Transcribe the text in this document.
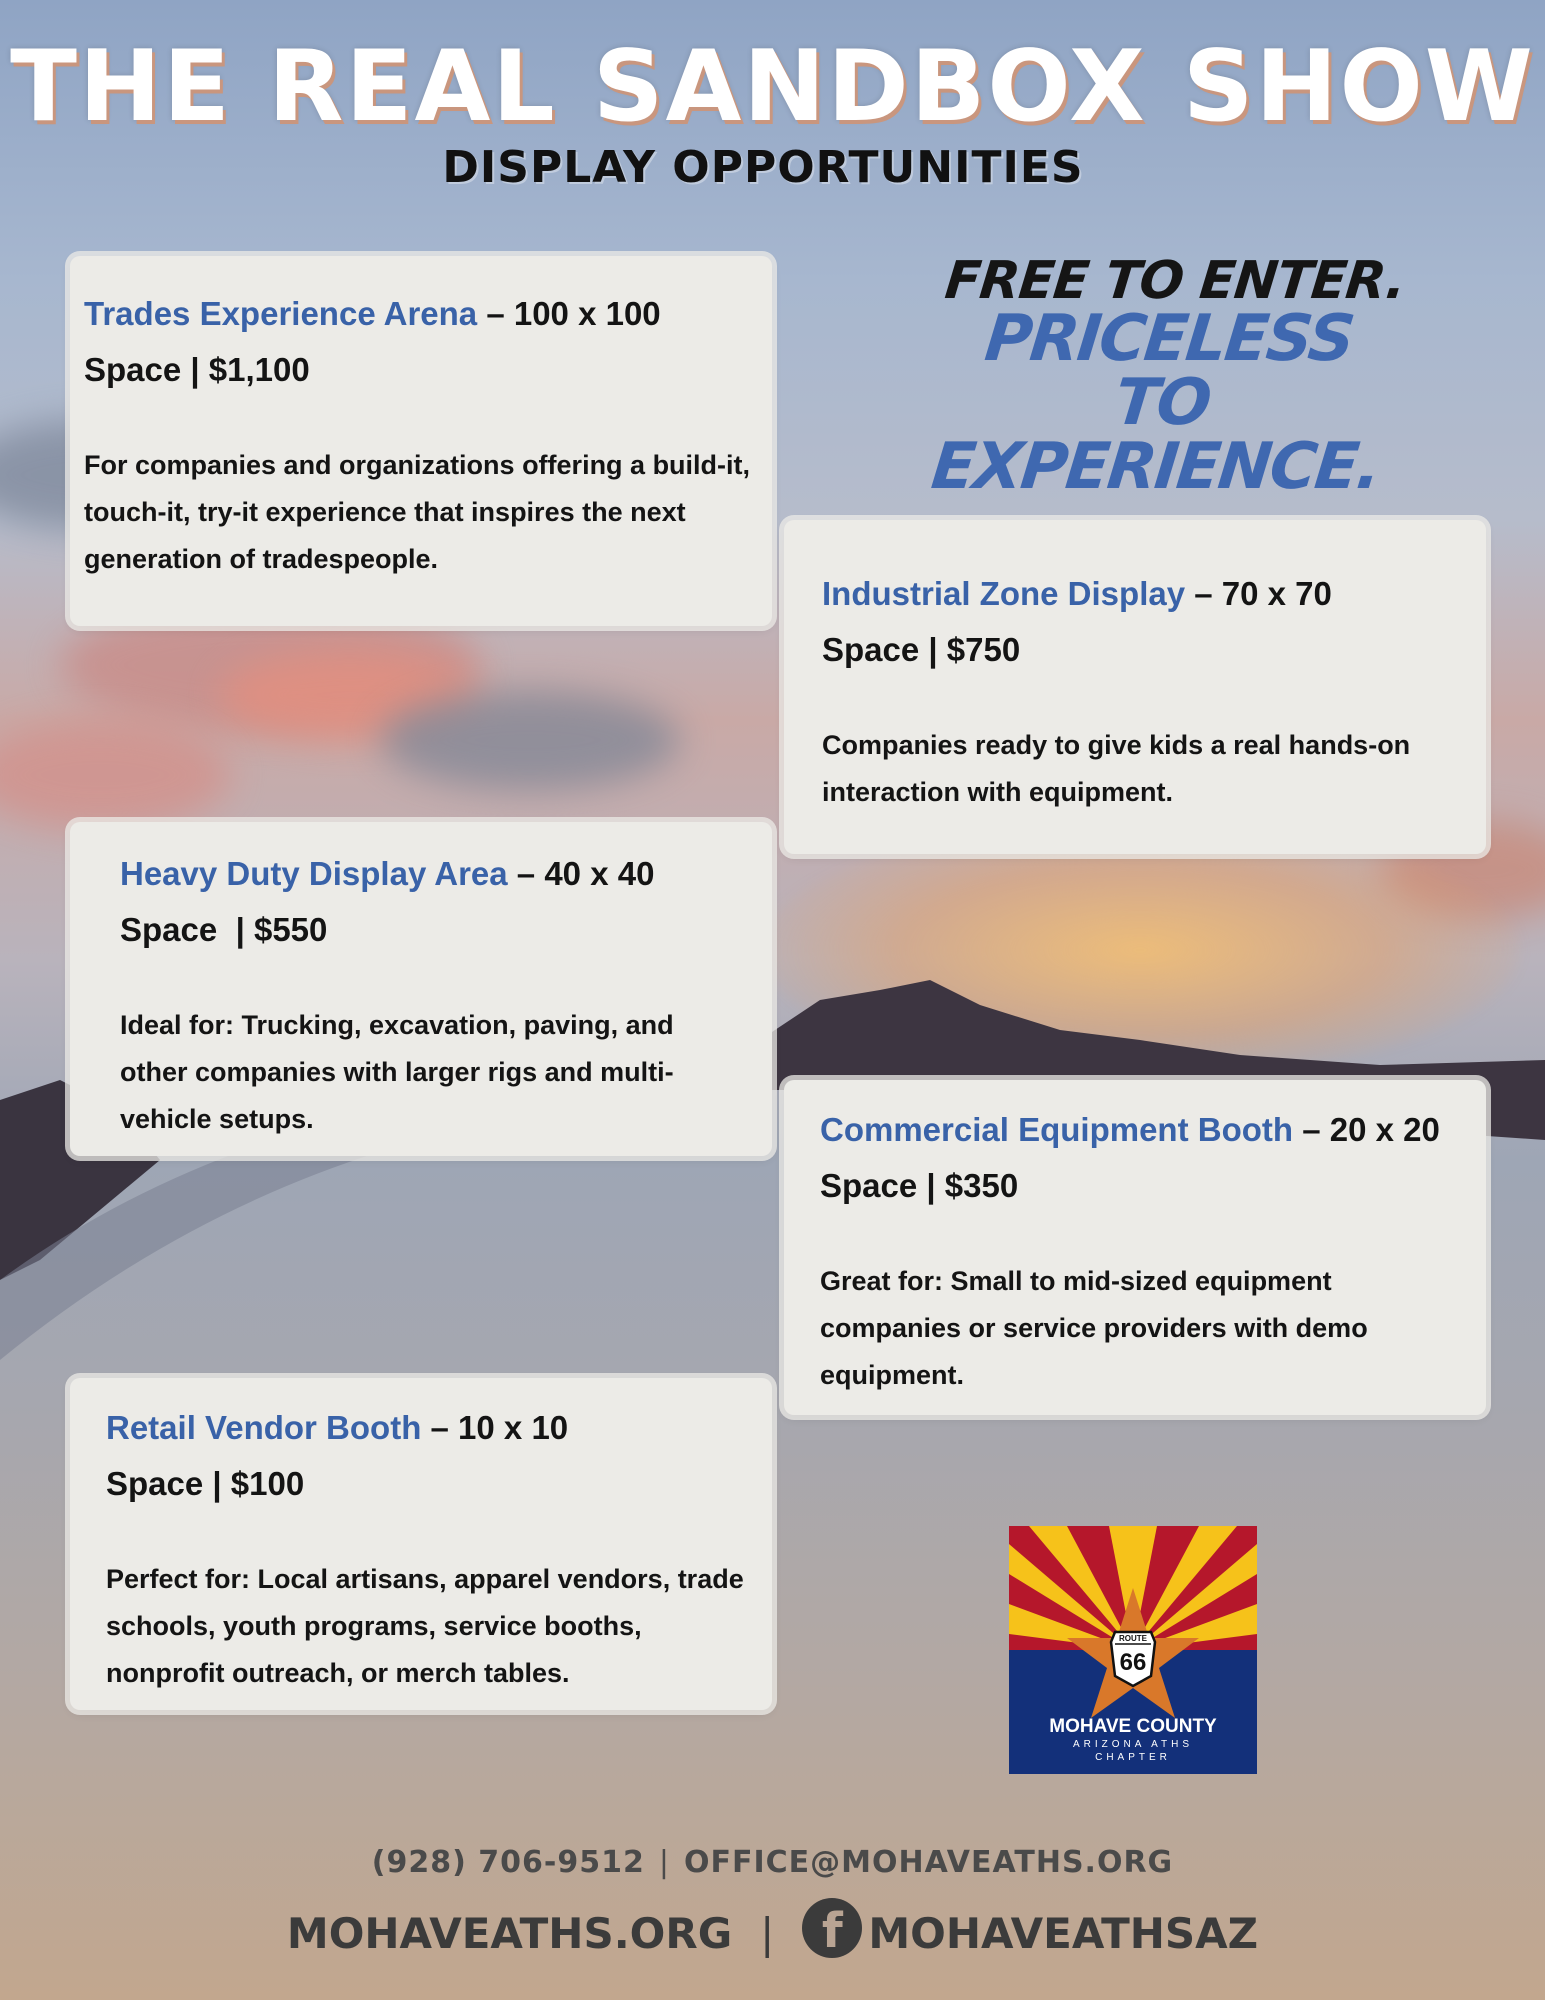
THE REAL SANDBOX SHOW
DISPLAY OPPORTUNITIES
FREE TO ENTER.
PRICELESS TO
EXPERIENCE.
Trades Experience Arena – 100 x 100
Space | $1,100
For companies and organizations offering a build-it, touch-it, try-it experience that inspires the next generation of tradespeople.
Industrial Zone Display – 70 x 70
Space | $750
Companies ready to give kids a real hands-on interaction with equipment.
Heavy Duty Display Area – 40 x 40
Space  | $550
Ideal for: Trucking, excavation, paving, and other companies with larger rigs and multi-vehicle setups.	Commercial Equipment Booth – 20 x 20
Space | $350
Great for: Small to mid-sized equipment companies or service providers with demo equipment.
Retail Vendor Booth – 10 x 10
Space | $100
Perfect for: Local artisans, apparel vendors, trade schools, youth programs, service booths, nonprofit outreach, or merch tables.
ROUTE
66
MOHAVE COUNTY
ARIZONA ATHS
CHAPTER
(928) 706-9512 | OFFICE@MOHAVEATHS.ORG
MOHAVEATHS.ORG | f MOHAVEATHSAZ
